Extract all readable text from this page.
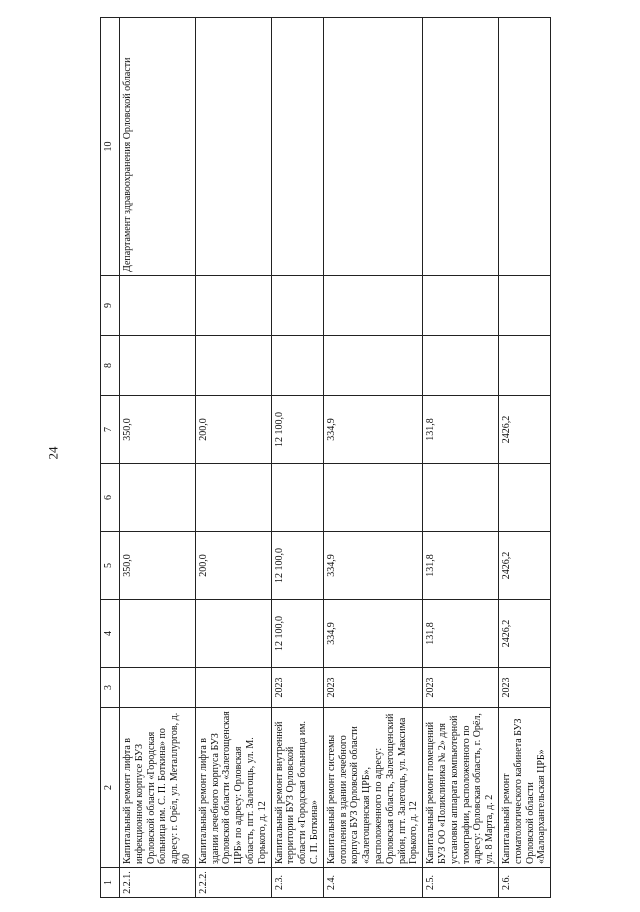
24
1	2	3	4	5	6	7	8	9	10
2.2.1.	Капитальный ремонт лифта в инфекционном корпусе БУЗ Орловской области «Городская больница им. С. П. Боткина» по адресу: г. Орёл, ул. Металлургов, д. 80			350,0		350,0			Департамент здравоохранения Орловской области
2.2.2.	Капитальный ремонт лифта в здании лечебного корпуса БУЗ Орловской области «Залегощенская ЦРБ» по адресу: Орловская область, пгт. Залегощь, ул. М. Горького, д. 12			200,0		200,0			
2.3.	Капитальный ремонт внутренней территории БУЗ Орловской области «Городская больница им. С. П. Боткина»	2023	12 100,0	12 100,0		12 100,0			
2.4.	Капитальный ремонт системы отопления в здании лечебного корпуса БУЗ Орловской области «Залегощенская ЦРБ», расположенного по адресу: Орловская область, Залегощенский район, пгт. Залегощь, ул. Максима Горького, д. 12	2023	334,9	334,9		334,9			
2.5.	Капитальный ремонт помещений БУЗ ОО «Поликлиника № 2» для установки аппарата компьютерной томографии, расположенного по адресу: Орловская область, г. Орёл, ул. 8 Марта, д. 2	2023	131,8	131,8		131,8			
2.6.	Капитальный ремонт стоматологического кабинета БУЗ Орловской области «Малоархангельская ЦРБ»	2023	2426,2	2426,2		2426,2			
